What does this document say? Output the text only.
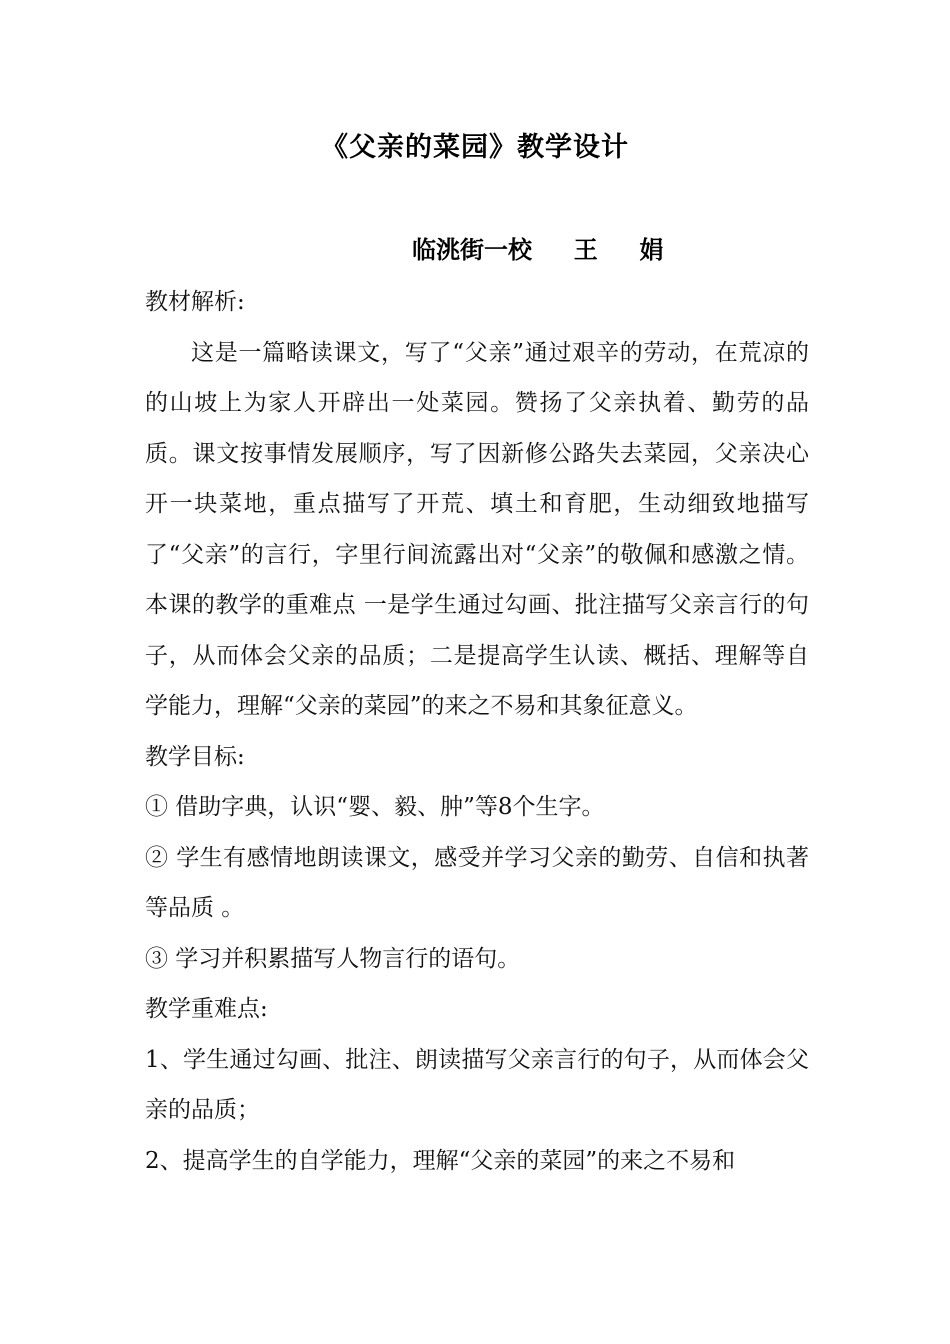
《父亲的菜园》教学设计
临洮街一校     王     娟

教材解析:

这是一篇略读课文，写了“父亲”通过艰辛的劳动，在荒凉的的山坡上为家人开辟出一处菜园。赞扬了父亲执着、勤劳的品质。课文按事情发展顺序，写了因新修公路失去菜园，父亲决心开一块菜地，重点描写了开荒、填土和育肥，生动细致地描写了“父亲”的言行，字里行间流露出对“父亲”的敬佩和感激之情。本课的教学的重难点 一是学生通过勾画、批注描写父亲言行的句子，从而体会父亲的品质；二是提高学生认读、概括、理解等自学能力，理解“父亲的菜园”的来之不易和其象征意义。

教学目标:

① 借助字典，认识“婴、毅、肿”等8个生字。

② 学生有感情地朗读课文，感受并学习父亲的勤劳、自信和执著等品质 。

③ 学习并积累描写人物言行的语句。

教学重难点:

1、学生通过勾画、批注、朗读描写父亲言行的句子，从而体会父亲的品质；

2、提高学生的自学能力，理解“父亲的菜园”的来之不易和
